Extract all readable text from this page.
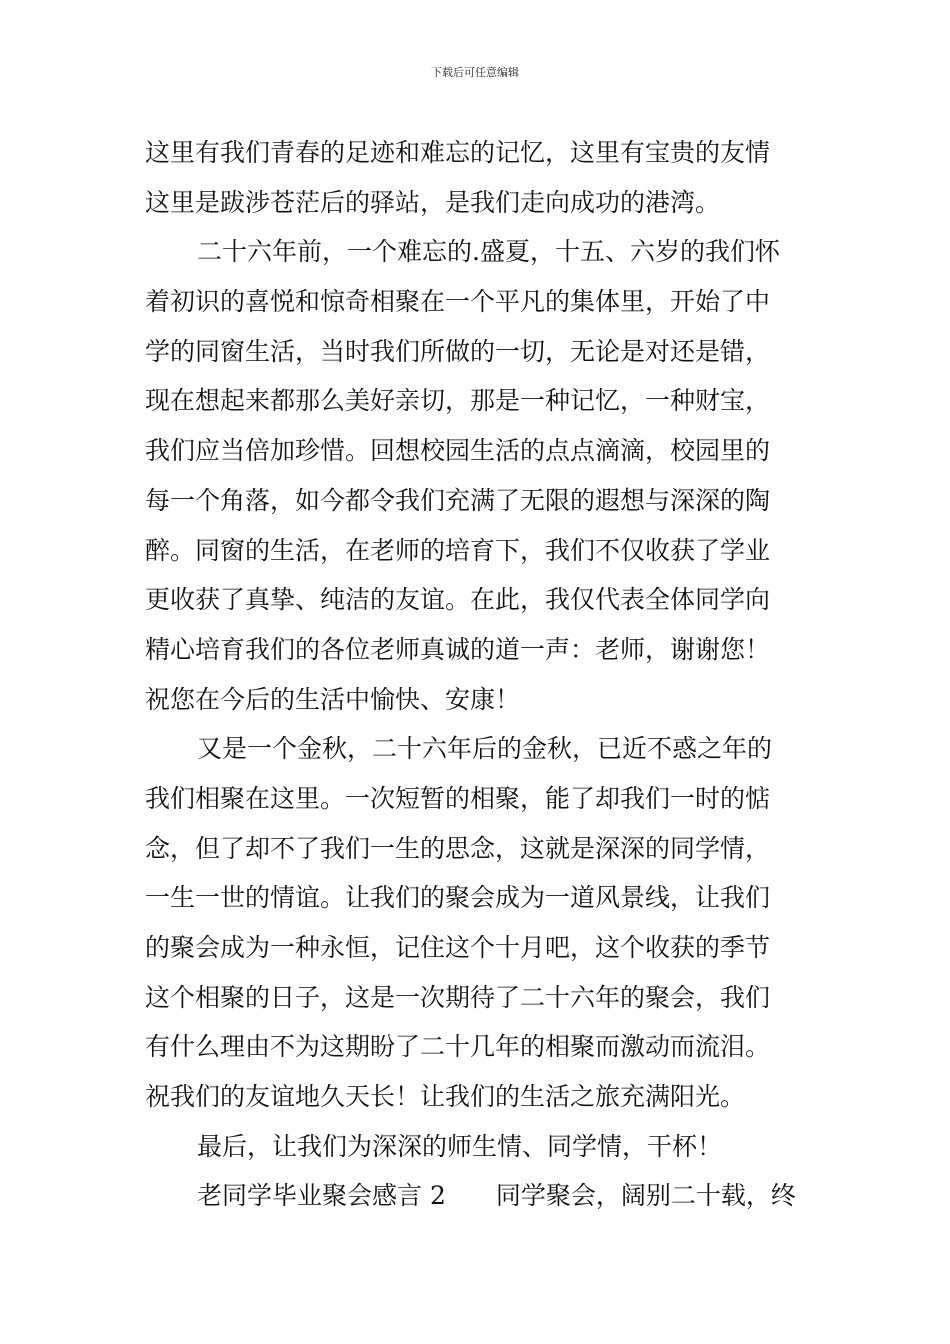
下载后可任意编辑
这里有我们青春的足迹和难忘的记忆，这里有宝贵的友情
这里是跋涉苍茫后的驿站，是我们走向成功的港湾。
二十六年前，一个难忘的.盛夏，十五、六岁的我们怀
着初识的喜悦和惊奇相聚在一个平凡的集体里，开始了中
学的同窗生活，当时我们所做的一切，无论是对还是错，
现在想起来都那么美好亲切，那是一种记忆，一种财宝，
我们应当倍加珍惜。回想校园生活的点点滴滴，校园里的
每一个角落，如今都令我们充满了无限的遐想与深深的陶
醉。同窗的生活，在老师的培育下，我们不仅收获了学业
更收获了真挚、纯洁的友谊。在此，我仅代表全体同学向
精心培育我们的各位老师真诚的道一声：老师，谢谢您！
祝您在今后的生活中愉快、安康！
又是一个金秋，二十六年后的金秋，已近不惑之年的
我们相聚在这里。一次短暂的相聚，能了却我们一时的惦
念，但了却不了我们一生的思念，这就是深深的同学情，
一生一世的情谊。让我们的聚会成为一道风景线，让我们
的聚会成为一种永恒，记住这个十月吧，这个收获的季节
这个相聚的日子，这是一次期待了二十六年的聚会，我们
有什么理由不为这期盼了二十几年的相聚而激动而流泪。
祝我们的友谊地久天长！让我们的生活之旅充满阳光。
最后，让我们为深深的师生情、同学情，干杯！
老同学毕业聚会感言 2　　同学聚会，阔别二十载，终
